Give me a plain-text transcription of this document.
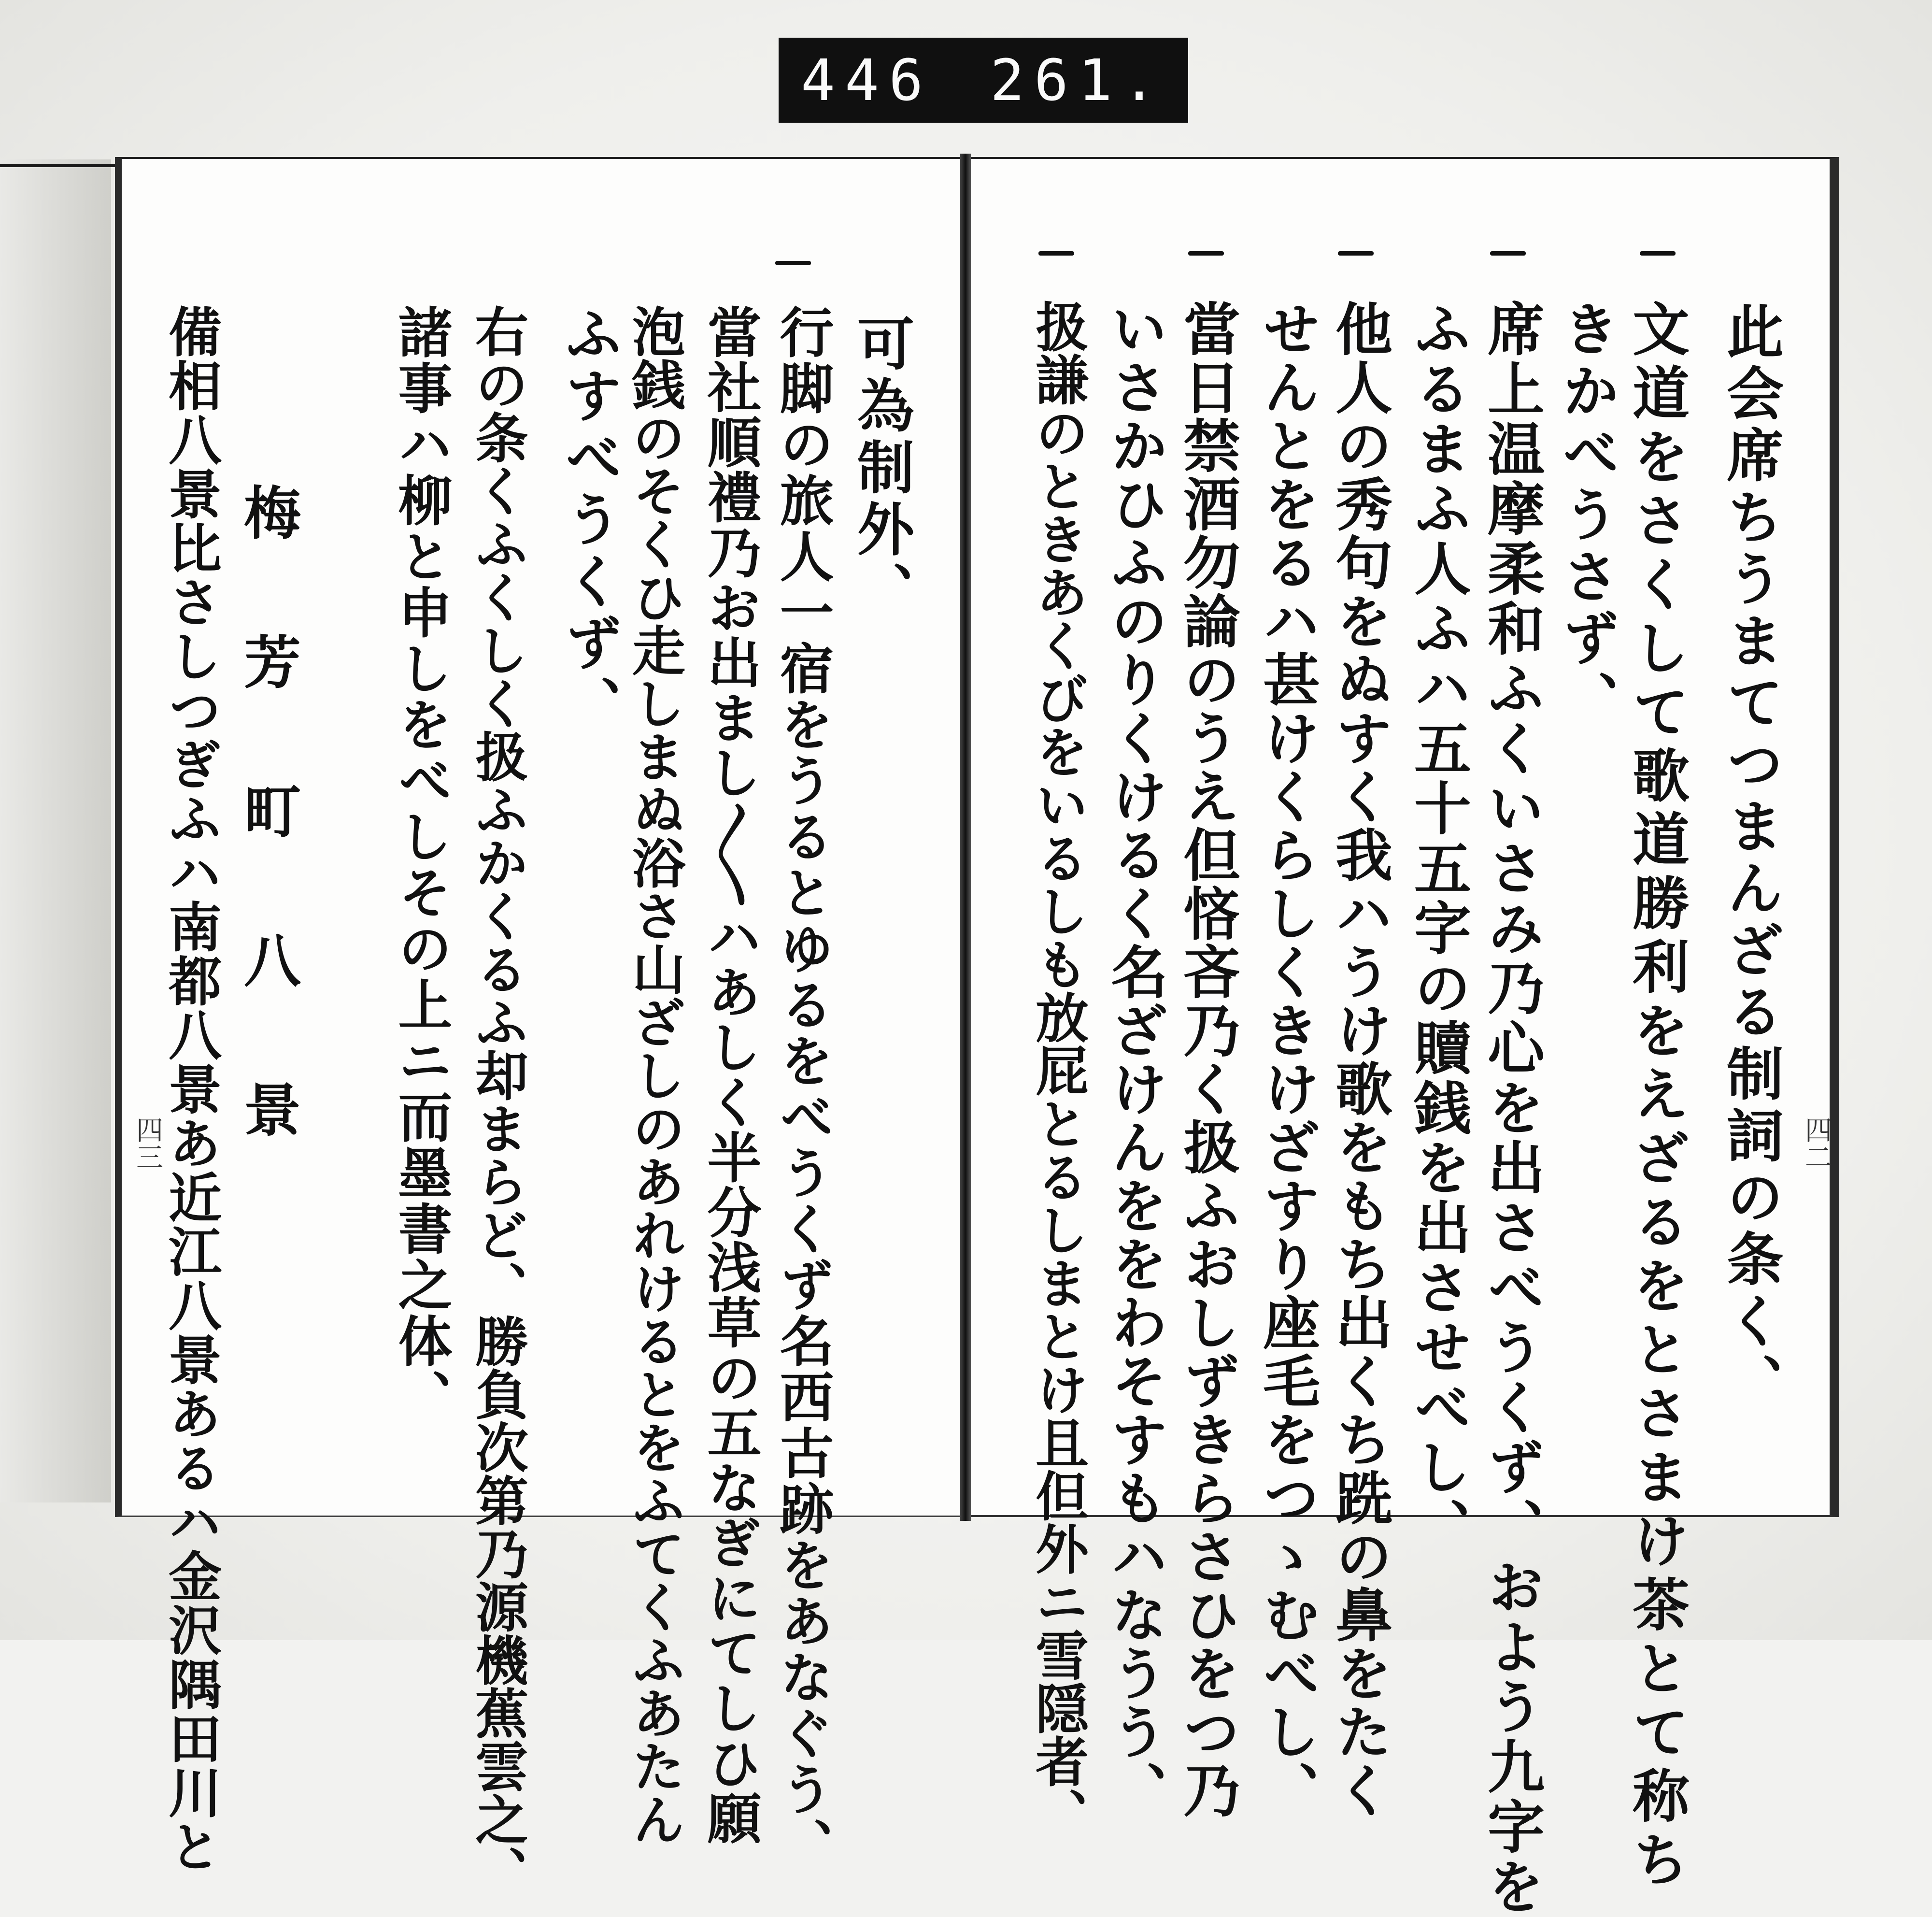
446 261.
此会席ちうまてつまんざる制詞の条く、
文道をさくして歌道勝利をえざるをとさまけ茶とて称ち
きかべうさず、
席上温摩柔和ふくいさみ乃心を出さべうくず、およう九字を
ふるまふ人ふハ五十五字の贖銭を出させべし、
他人の秀句をぬすく我ハうけ歌をもち出くち跣の鼻をたく
せんとをるハ甚けくらしくきけざすり座毛をつゝむべし、
當日禁酒勿論のうえ但悋吝乃く扱ふおしずきらさひをつ乃
いさかひふのりくけるく名ざけんををわそすもハなうう、
扱謙のときあくびをいるしも放屁とるしまとけ且但外ニ雪隠者、	四二
可為制外、
行脚の旅人一宿をうるとゆるをべうくず名西古跡をあなぐう、
當社順禮乃お出まし〳〵ハあしく半分浅草の五なぎにてしひ願
泡銭のそくひ走しまぬ浴さ山ざしのあれけるとをふてくふあたん
ふすべうくず、
右の条くふくしく扱ふかくるふ却まらど、勝負次第乃源機蕉雲之、
諸事ハ柳と申しをべしその上ニ而墨書之体、
梅 芳 町 八 景
備相八景比さしつぎふハ南都八景あ近江八景あるハ金沢隅田川と
四三
